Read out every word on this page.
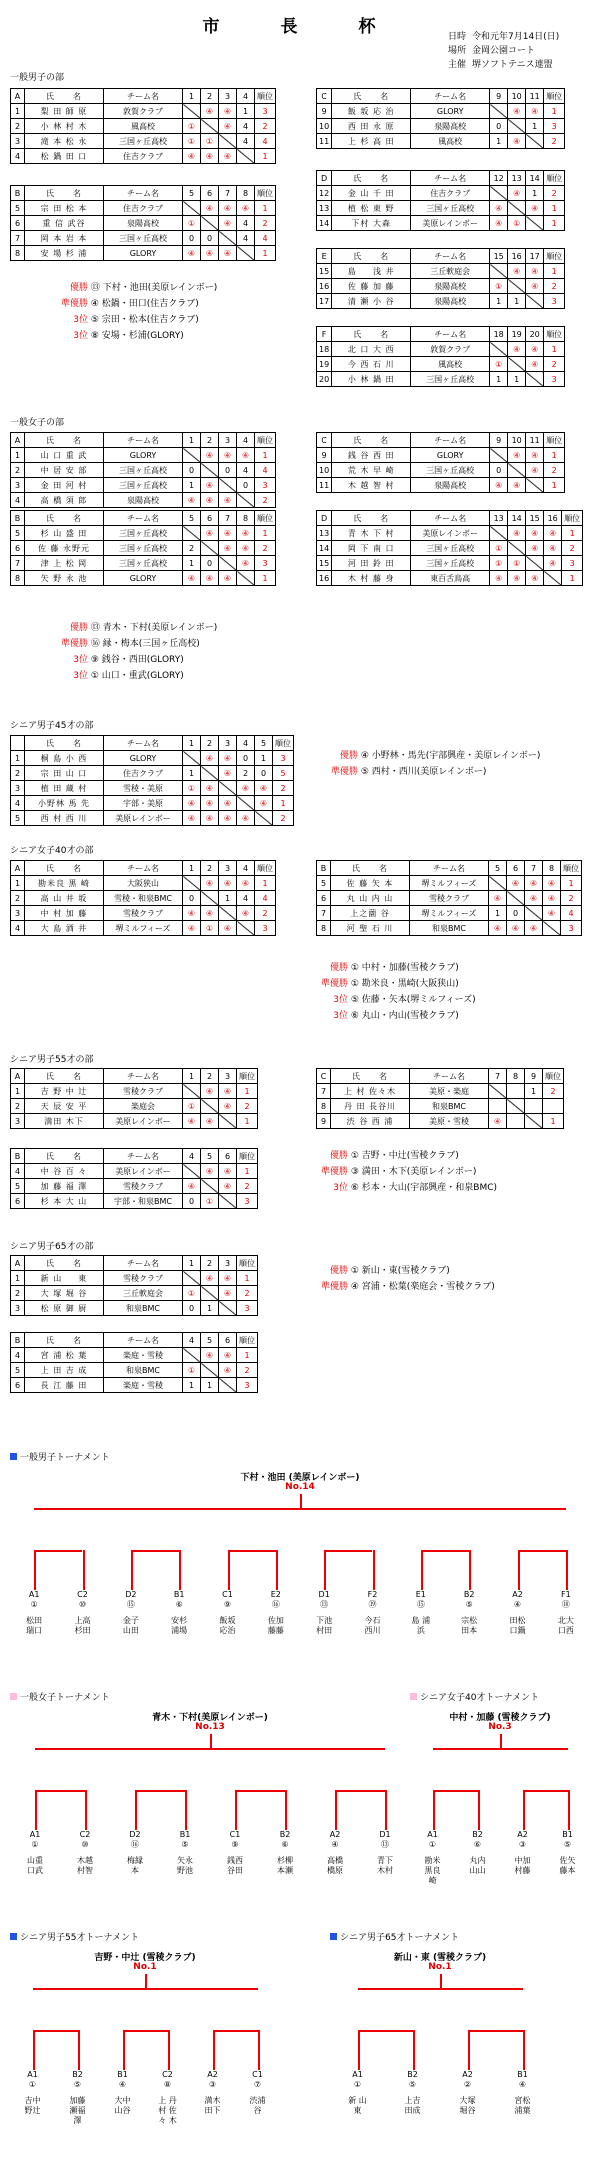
市　長　杯	日時 令和元年7月14日(日)
場所 金岡公園コート
主催 堺ソフトテニス連盟
一般男子の部
一般女子の部
シニア男子45才の部
シニア女子40才の部
シニア男子55才の部
シニア男子65才の部
A	氏　　名	チーム名	1	2	3	4	順位
1	梨 田 師 原	敦賀クラブ		④	④	1	3
2	小 林 村 木	風高校	①		④	4	2
3	滝 本 松 永	三国ヶ丘高校	①	①		4	4
4	松 鍋 田 口	住吉クラブ	④	④	④		1
B	氏　　名	チーム名	5	6	7	8	順位
5	宗 田 松 本	住吉クラブ		④	④	④	1
6	重 信 武谷	泉陽高校	①		④	4	2
7	岡 本 岩 本	三国ヶ丘高校	0	0		4	4
8	安 場 杉 浦	GLORY	④	④	④		1
C	氏　　名	チーム名	9	10	11	順位
9	飯 坂 応 治	GLORY		④	④	1
10	西 田 永 原	泉陽高校	0		1	3
11	上 杉 高 田	風高校	1	④		2
D	氏　　名	チーム名	12	13	14	順位
12	金 山 千 田	住吉クラブ		④	1	2
13	植 松 東 野	三国ヶ丘高校	④		④	1
14	下村 大森	美原レインボー	④	①		1
E	氏　　名	チーム名	15	16	17	順位
15	島 　 浅 井	三丘軟庭会		④	④	1
16	佐 藤 加 藤	泉陽高校	①		④	2
17	清 瀬 小 谷	泉陽高校	1	1		3
F	氏　　名	チーム名	18	19	20	順位
18	北 口 大 西	敦賀クラブ		④	④	1
19	今 西 石 川	風高校	①		④	2
20	小 林 鍋 田	三国ヶ丘高校	1	1		3
A	氏　　名	チーム名	1	2	3	4	順位
1	山 口 重 武	GLORY		④	④	④	1
2	中 居 安 部	三国ヶ丘高校	0		0	4	4
3	金 田 河 村	三国ヶ丘高校	1	④		0	3
4	高 橋 須 郎	泉陽高校	④	④	④		2
B	氏　　名	チーム名	5	6	7	8	順位
5	杉 山 盛 田	三国ヶ丘高校		④	④	④	1
6	佐 藤 永野元	三国ヶ丘高校	2		④	④	2
7	津 上 松 岡	三国ヶ丘高校	1	0		④	3
8	矢 野 永 池	GLORY	④	④	④		1
C	氏　　名	チーム名	9	10	11	順位
9	銭 谷 西 田	GLORY		④	④	1
10	荒 木 早 崎	三国ヶ丘高校	0		④	2
11	木 越 智 村	泉陽高校	④	④		1
D	氏　　名	チーム名	13	14	15	16	順位
13	青 木 下 村	美原レインボー		④	④	④	1
14	岡 下 南 口	三国ヶ丘高校	①		④	④	2
15	河 田 鈴 田	三国ヶ丘高校	①	①		④	3
16	木 村 藤 身	東百舌鳥高	④	④	④		1
	氏　　名	チーム名	1	2	3	4	5	順位
1	桐 島 小 西	GLORY		④	④	0	1	3
2	宗 田 山 口	住吉クラブ	1		④	2	0	5
3	植 田 蔵 村	雪稜・美原	①	④		④	④	2
4	小野林 馬 先	宇部・美原	④	④	④		④	1
5	西 村 西 川	美原レインボー	④	④	④	④		2
A	氏　　名	チーム名	1	2	3	4	順位
1	勘米良 黒 崎	大阪狭山		④	④	④	1
2	高 山 井 坂	雪稜・和泉BMC	0		1	4	4
3	中 村 加 藤	雪稜クラブ	④	④		④	2
4	大 島 酒 井	堺ミルフィーズ	④	①	④		3
B	氏　　名	チーム名	5	6	7	8	順位
5	佐 藤 矢 本	堺ミルフィーズ		④	④	④	1
6	丸 山 内 山	雪稜クラブ	④		④	④	2
7	上之薗 谷	堺ミルフィーズ	1	0		④	4
8	河 聖 石 川	和泉BMC	④	④	④		3
A	氏　　名	チーム名	1	2	3	順位
1	吉 野 中 辻	雪稜クラブ		④	④	1
2	天 辰 安 平	楽庭会	①		④	2
3	満田 木下	美原レインボー	④	④		1
B	氏　　名	チーム名	4	5	6	順位
4	中 谷 百 々	美原レインボー		④	④	1
5	加 藤 福 澤	雪稜クラブ	④		④	2
6	杉 本 大 山	宇部・和泉BMC	0	①		3
C	氏　　名	チーム名	7	8	9	順位
7	上 村 佐々木	美原・楽庭			1	2
8	丹 田 長谷川	和泉BMC				
9	渋 谷 西 浦	美原・雪稜	④			1
A	氏　　名	チーム名	1	2	3	順位
1	新 山 　 東	雪稜クラブ		④	④	1
2	大 塚 堀 谷	三丘軟庭会	①		④	2
3	松 原 御 厨	和泉BMC	0	1		3
B	氏　　名	チーム名	4	5	6	順位
4	宮 浦 松 葉	楽庭・雪稜		④	④	1
5	上 田 吉 成	和泉BMC	①		④	2
6	長 江 藤 田	楽庭・雪稜	1	1		3
優勝 ⑬ 下村・池田(美原レインボー)
準優勝 ④ 松鍋・田口(住吉クラブ)
3位 ⑤ 宗田・松本(住吉クラブ)
3位 ⑧ 安場・杉浦(GLORY)
優勝 ⑬ 青木・下村(美原レインボー)
準優勝 ⑯ 縁・梅本(三国ヶ丘高校)
3位 ⑨ 銭谷・西田(GLORY)
3位 ① 山口・重武(GLORY)
優勝 ④ 小野林・馬先(宇部興産・美原レインボー)
準優勝 ⑤ 西村・西川(美原レインボー)
優勝 ① 中村・加藤(雪稜クラブ)
準優勝 ① 勘米良・黒崎(大阪狭山)
3位 ⑤ 佐藤・矢本(堺ミルフィーズ)
3位 ⑥ 丸山・内山(雪稜クラブ)
優勝 ① 吉野・中辻(雪稜クラブ)
準優勝 ③ 満田・木下(美原レインボー)
3位 ⑥ 杉本・大山(宇部興産・和泉BMC)
優勝 ① 新山・東(雪稜クラブ)
準優勝 ④ 宮浦・松葉(楽庭会・雪稜クラブ)
一般男子トーナメント
下村・池田 (美原レインボー)
No.14
A1
①
松田 瑞口
C2
⑩
上高 杉田
D2
⑮
金子 山田
B1
⑥
安杉 浦場
C1
⑨
飯坂 応治
E2
⑯
佐加 藤藤
D1
⑬
下池 村田
F2
⑲
今石 西川
E1
⑮
島 浦浜
B2
⑤
宗松 田本
A2
④
田松 口鍋
F1
⑱
北大 口西
一般女子トーナメント
青木・下村(美原レインボー)
No.13
A1
①
山重 口武
C2
⑩
木越 村智
D2
⑯
梅縁 本
B1
⑤
矢永 野池
C1
⑨
銭西 谷田
B2
⑥
杉柳 本瀬
A2
④
高橋 橋原
D1
⑬
青下 木村
シニア女子40才トーナメント
中村・加藤 (雪稜クラブ)
No.3
A1
①
勘米 黒良 崎
B2
⑥
丸内 山山
A2
③
中加 村藤
B1
⑤
佐矢 藤本
シニア男子55才トーナメント
吉野・中辻 (雪稜クラブ)
No.1
A1
①
吉中 野辻
B2
⑤
加藤 瀬福 澤
B1
④
大中 山谷
C2
⑧
上 丹村 佐 々 木
A2
③
満木 田下
C1
⑦
渋浦 谷
シニア男子65才トーナメント
新山・東 (雪稜クラブ)
No.1
A1
①
新 山東
B2
⑤
上吉 田成
A2
②
大塚 堀谷
B1
④
宮松 浦葉
